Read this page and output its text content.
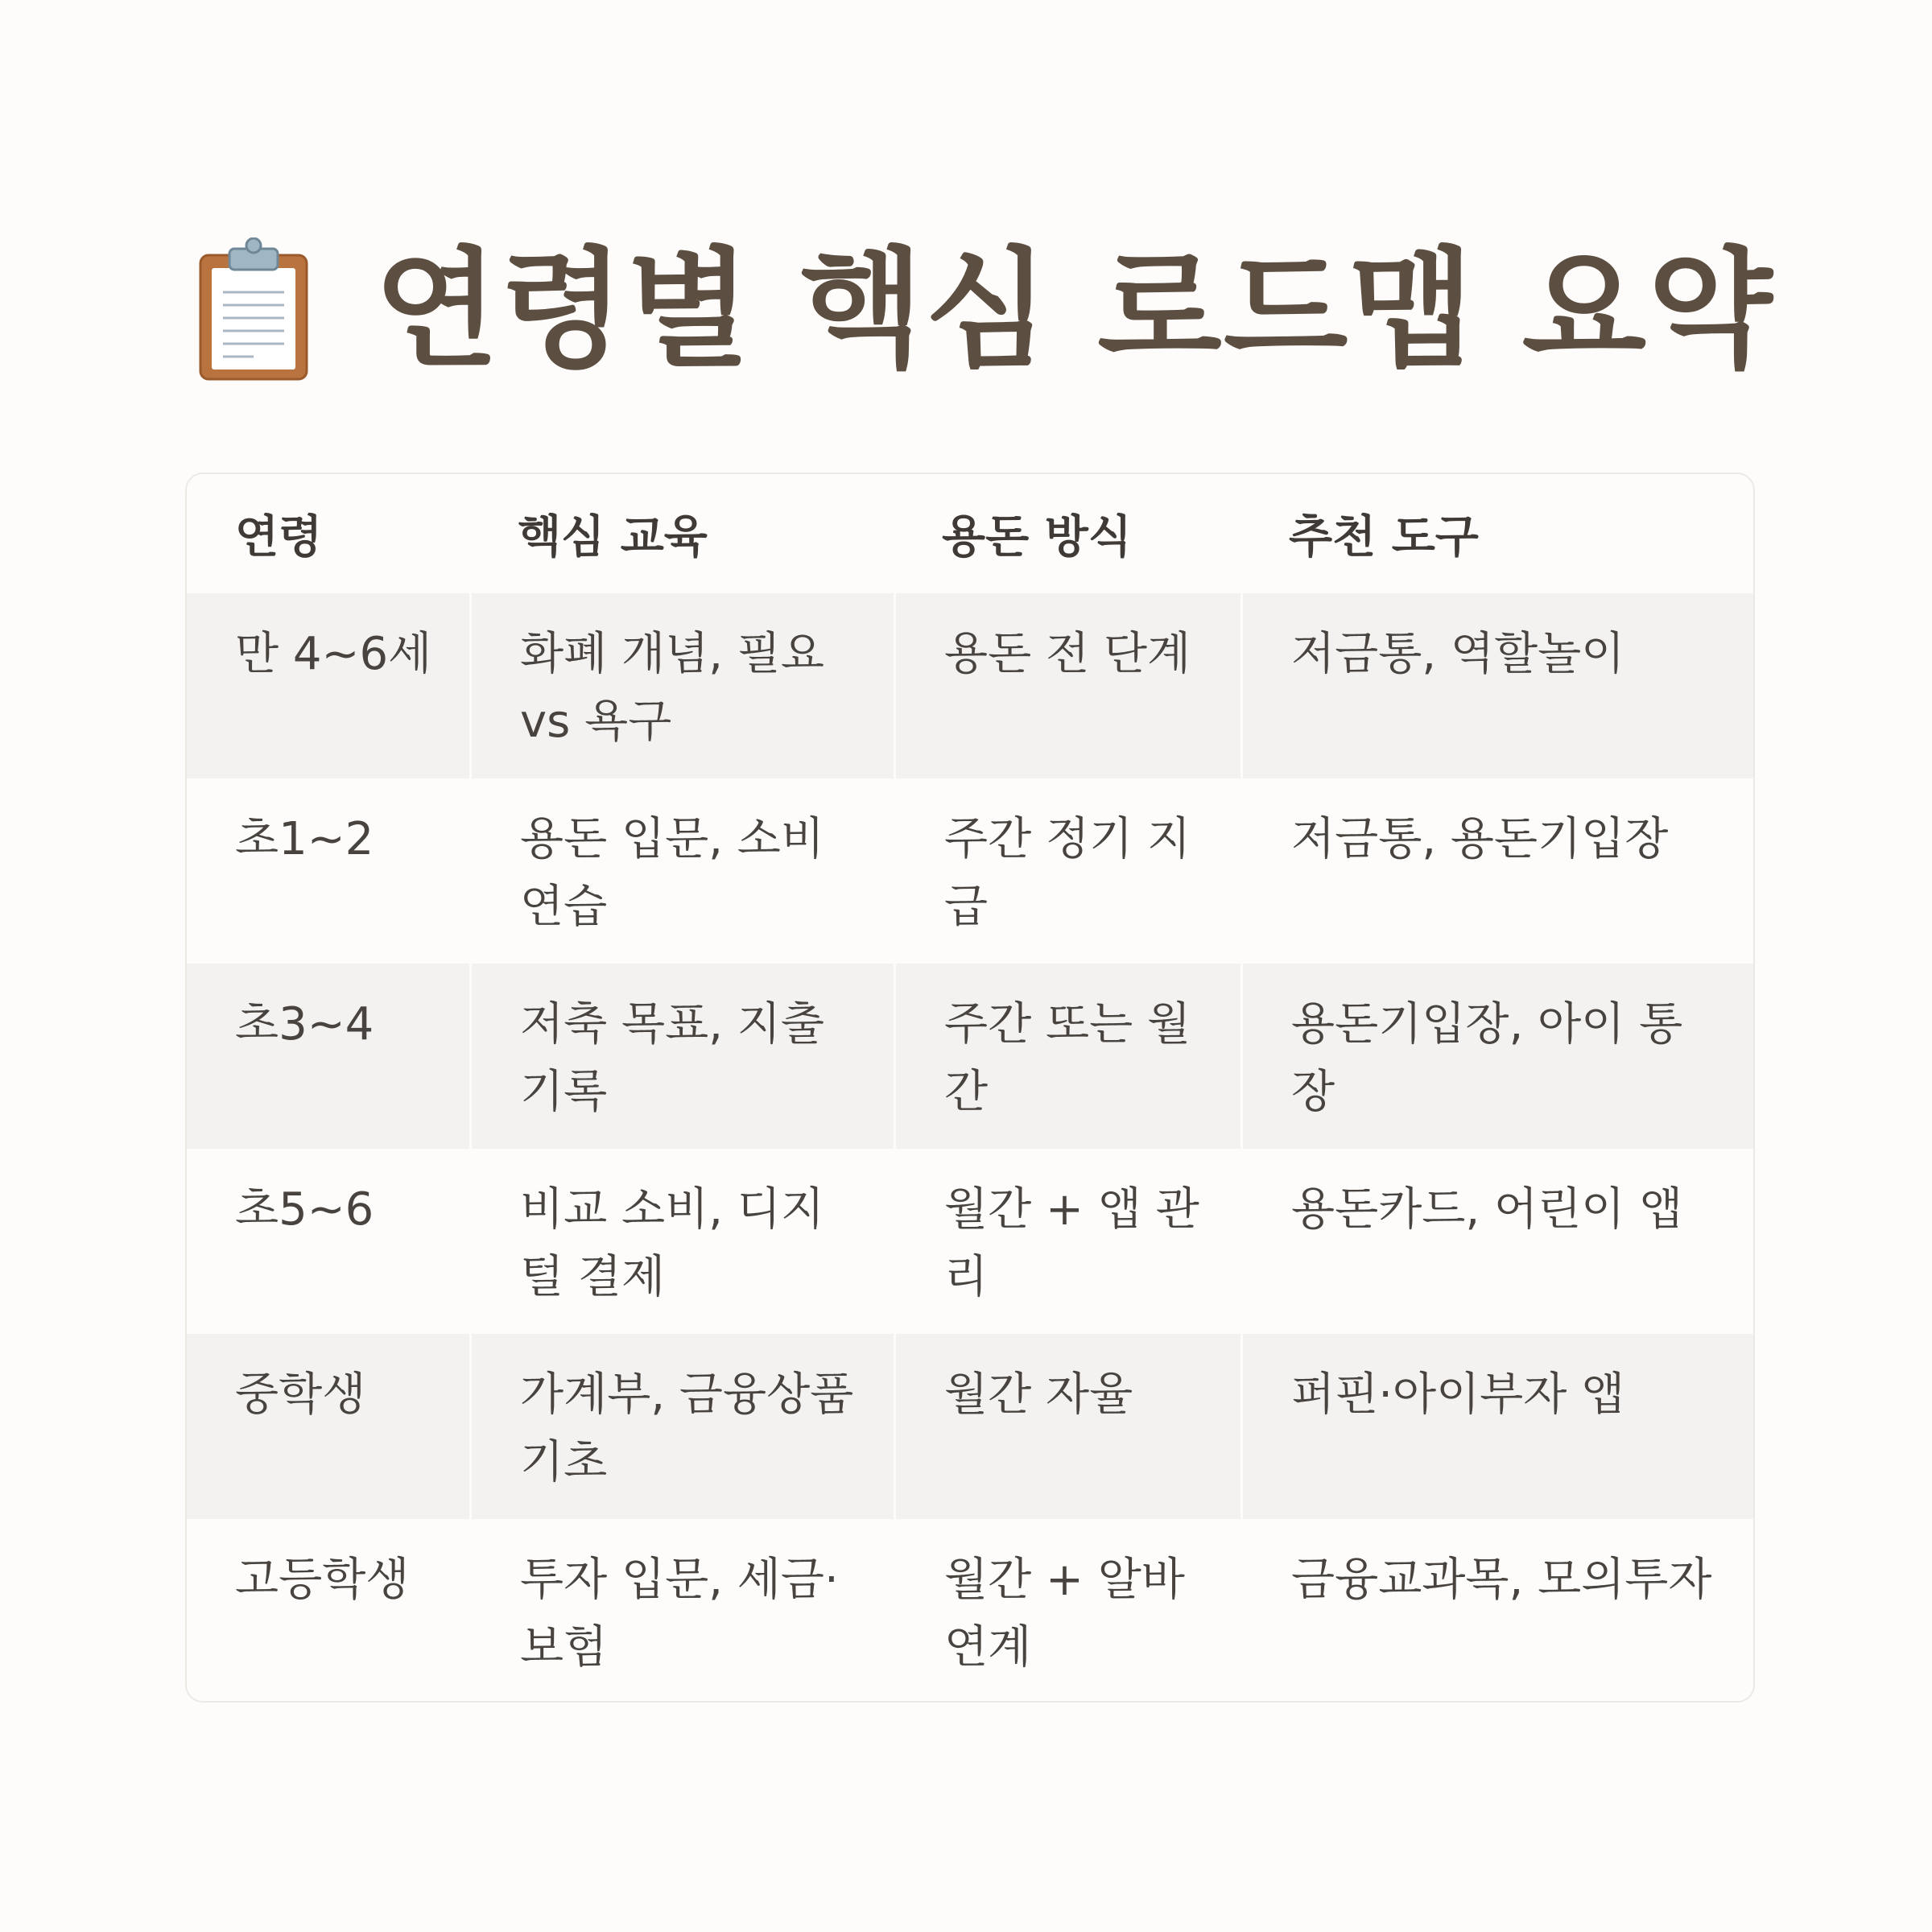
연령별 핵심 로드맵 요약
연령	핵심 교육	용돈 방식	추천 도구
만 4~6세	화폐 개념, 필요 vs 욕구	용돈 전 단계	저금통, 역할놀이
초1~2	용돈 입문, 소비 연습	주간 정기 지급	저금통, 용돈기입장
초3~4	저축 목표, 지출 기록	주간 또는 월간	용돈기입장, 아이 통장
초5~6	비교 소비, 디지털 결제	월간 + 앱 관리	용돈카드, 어린이 앱
중학생	가계부, 금융상품 기초	월간 자율	퍼핀·아이부자 앱
고등학생	투자 입문, 세금·보험	월간 + 알바 연계	금융교과목, 모의투자
